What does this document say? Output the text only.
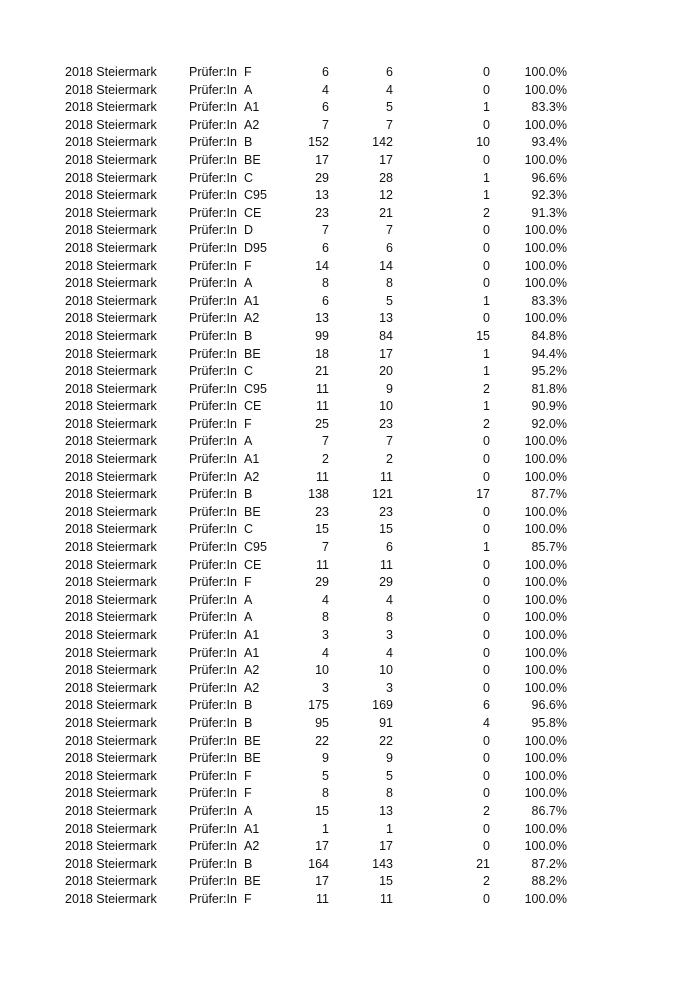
2018 Steiermark	Prüfer:In F	6	6	0	100.0%
2018 Steiermark	Prüfer:In A	4	4	0	100.0%
2018 Steiermark	Prüfer:In A1	6	5	1	83.3%
2018 Steiermark	Prüfer:In A2	7	7	0	100.0%
2018 Steiermark	Prüfer:In B	152	142	10	93.4%
2018 Steiermark	Prüfer:In BE	17	17	0	100.0%
2018 Steiermark	Prüfer:In C	29	28	1	96.6%
2018 Steiermark	Prüfer:In C95	13	12	1	92.3%
2018 Steiermark	Prüfer:In CE	23	21	2	91.3%
2018 Steiermark	Prüfer:In D	7	7	0	100.0%
2018 Steiermark	Prüfer:In D95	6	6	0	100.0%
2018 Steiermark	Prüfer:In F	14	14	0	100.0%
2018 Steiermark	Prüfer:In A	8	8	0	100.0%
2018 Steiermark	Prüfer:In A1	6	5	1	83.3%
2018 Steiermark	Prüfer:In A2	13	13	0	100.0%
2018 Steiermark	Prüfer:In B	99	84	15	84.8%
2018 Steiermark	Prüfer:In BE	18	17	1	94.4%
2018 Steiermark	Prüfer:In C	21	20	1	95.2%
2018 Steiermark	Prüfer:In C95	11	9	2	81.8%
2018 Steiermark	Prüfer:In CE	11	10	1	90.9%
2018 Steiermark	Prüfer:In F	25	23	2	92.0%
2018 Steiermark	Prüfer:In A	7	7	0	100.0%
2018 Steiermark	Prüfer:In A1	2	2	0	100.0%
2018 Steiermark	Prüfer:In A2	11	11	0	100.0%
2018 Steiermark	Prüfer:In B	138	121	17	87.7%
2018 Steiermark	Prüfer:In BE	23	23	0	100.0%
2018 Steiermark	Prüfer:In C	15	15	0	100.0%
2018 Steiermark	Prüfer:In C95	7	6	1	85.7%
2018 Steiermark	Prüfer:In CE	11	11	0	100.0%
2018 Steiermark	Prüfer:In F	29	29	0	100.0%
2018 Steiermark	Prüfer:In A	4	4	0	100.0%
2018 Steiermark	Prüfer:In A	8	8	0	100.0%
2018 Steiermark	Prüfer:In A1	3	3	0	100.0%
2018 Steiermark	Prüfer:In A1	4	4	0	100.0%
2018 Steiermark	Prüfer:In A2	10	10	0	100.0%
2018 Steiermark	Prüfer:In A2	3	3	0	100.0%
2018 Steiermark	Prüfer:In B	175	169	6	96.6%
2018 Steiermark	Prüfer:In B	95	91	4	95.8%
2018 Steiermark	Prüfer:In BE	22	22	0	100.0%
2018 Steiermark	Prüfer:In BE	9	9	0	100.0%
2018 Steiermark	Prüfer:In F	5	5	0	100.0%
2018 Steiermark	Prüfer:In F	8	8	0	100.0%
2018 Steiermark	Prüfer:In A	15	13	2	86.7%
2018 Steiermark	Prüfer:In A1	1	1	0	100.0%
2018 Steiermark	Prüfer:In A2	17	17	0	100.0%
2018 Steiermark	Prüfer:In B	164	143	21	87.2%
2018 Steiermark	Prüfer:In BE	17	15	2	88.2%
2018 Steiermark	Prüfer:In F	11	11	0	100.0%
